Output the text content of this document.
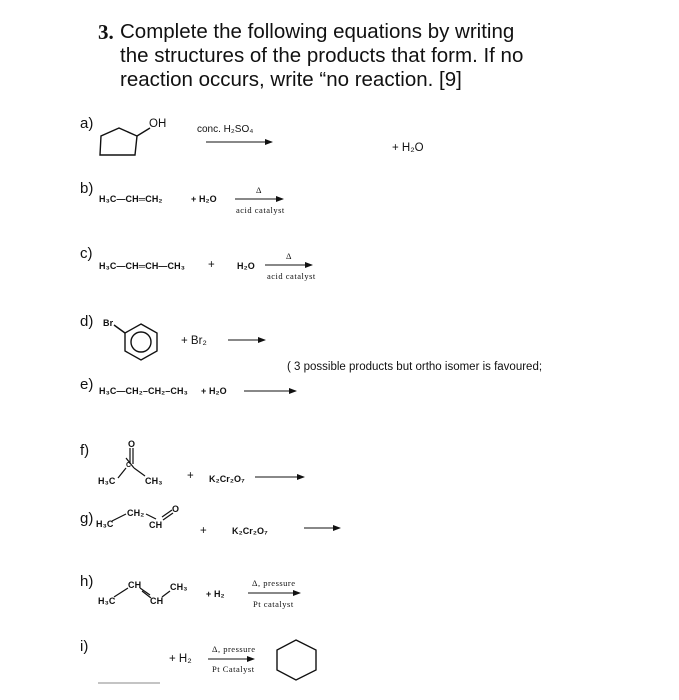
3. Complete the following equations by writing
the structures of the products that form. If no
reaction occurs, write “no reaction. [9]
a)
b)
c)
d)
e)
f)
g)
h)
i)
OH	conc. H₂SO₄
+ H₂O
H₃C—CH═CH₂	+ H₂O
Δ
acid catalyst
H₃C—CH═CH—CH₃ + H₂O
Δ
acid catalyst
Br
+ Br₂
( 3 possible products but ortho isomer is favoured;
H₃C—CH₂–CH₂–CH₃ + H₂O
O
C
H₃C	CH₃ + K₂Cr₂O₇
H₃C
CH₂
CH
O
+	K₂Cr₂O₇
H₃C
CH
CH
CH₃
+ H₂
Δ, pressure
Pt catalyst
+ H₂
Δ, pressure
Pt Catalyst
